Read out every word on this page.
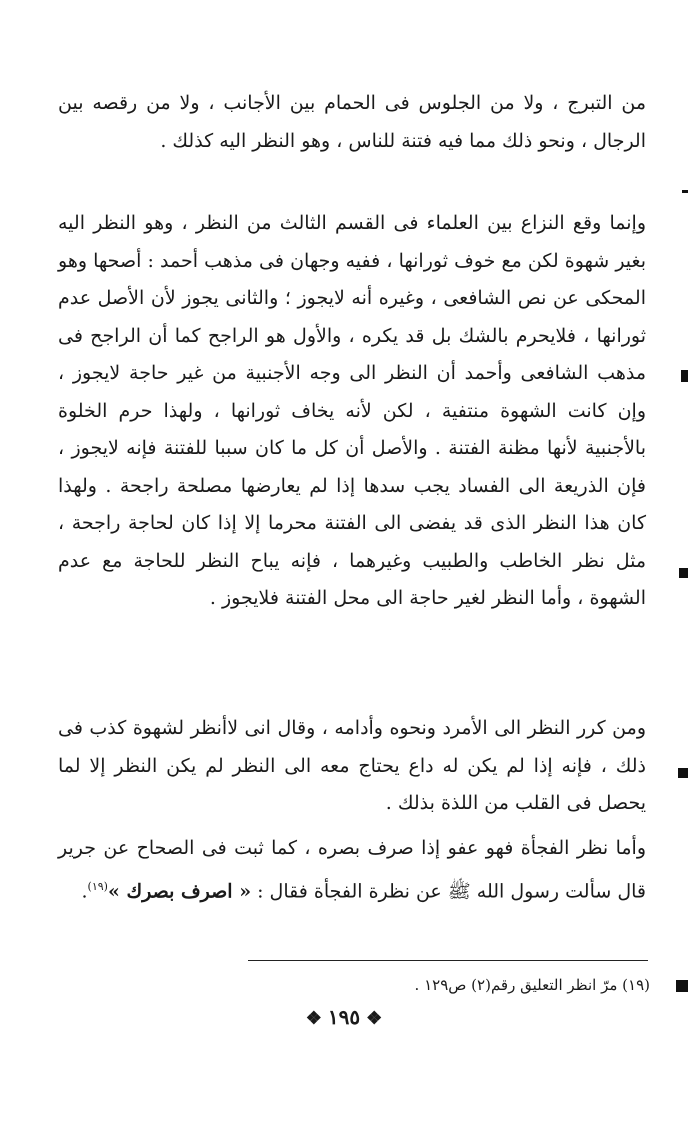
من التبرج ، ولا من الجلوس فى الحمام بين الأجانب ، ولا من رقصه بين الرجال ، ونحو ذلك مما فيه فتنة للناس ، وهو النظر اليه كذلك .

وإنما وقع النزاع بين العلماء فى القسم الثالث من النظر ، وهو النظر اليه بغير شهوة لكن مع خوف ثورانها ، ففيه وجهان فى مذهب أحمد : أصحها وهو المحكى عن نص الشافعى ، وغيره أنه لايجوز ؛ والثانى يجوز لأن الأصل عدم ثورانها ، فلايحرم بالشك بل قد يكره ، والأول هو الراجح كما أن الراجح فى مذهب الشافعى وأحمد أن النظر الى وجه الأجنبية من غير حاجة لايجوز ، وإن كانت الشهوة منتفية ، لكن لأنه يخاف ثورانها ، ولهذا حرم الخلوة بالأجنبية لأنها مظنة الفتنة . والأصل أن كل ما كان سببا للفتنة فإنه لايجوز ، فإن الذريعة الى الفساد يجب سدها إذا لم يعارضها مصلحة راجحة . ولهذا كان هذا النظر الذى قد يفضى الى الفتنة محرما إلا إذا كان لحاجة راجحة ، مثل نظر الخاطب والطبيب وغيرهما ، فإنه يباح النظر للحاجة مع عدم الشهوة ، وأما النظر لغير حاجة الى محل الفتنة فلايجوز .

ومن كرر النظر الى الأمرد ونحوه وأدامه ، وقال انى لاأنظر لشهوة كذب فى ذلك ، فإنه إذا لم يكن له داع يحتاج معه الى النظر لم يكن النظر إلا لما يحصل فى القلب من اللذة بذلك .

وأما نظر الفجأة فهو عفو إذا صرف بصره ، كما ثبت فى الصحاح عن جرير قال سألت رسول الله ﷺ عن نظرة الفجأة فقال : « اصرف بصرك »$^{(١٩)}$.

(١٩) مرّ انظر التعليق رقم(٢) ص١٢٩ .
❖ ١٩٥ ❖
